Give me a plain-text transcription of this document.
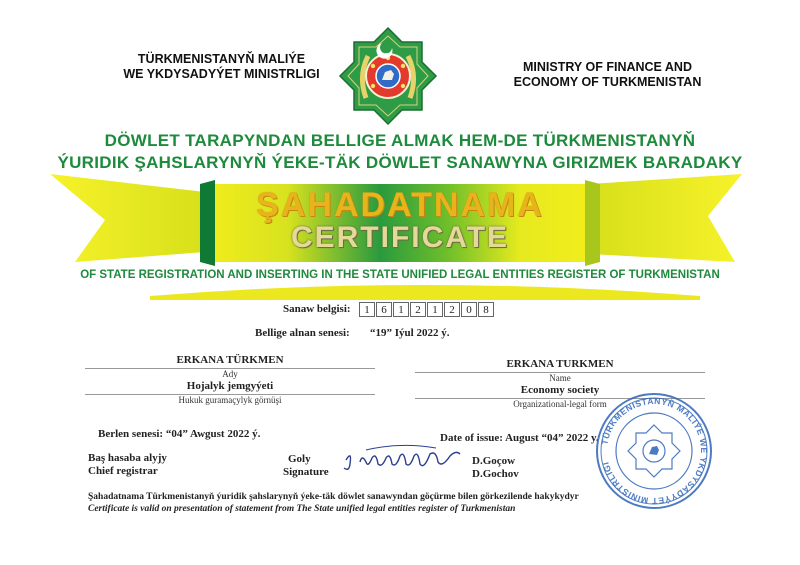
TÜRKMENISTANYŇ MALIÝE
WE YKDYSADYÝET MINISTRLIGI	MINISTRY OF FINANCE AND
ECONOMY OF TURKMENISTAN
DÖWLET TARAPYNDAN BELLIGE ALMAK HEM-DE TÜRKMENISTANYŇ
ÝURIDIK ŞAHSLARYNYŇ ÝEKE-TÄK DÖWLET SANAWYNA GIRIZMEK BARADAKY
ŞAHADATNAMA
CERTIFICATE
OF STATE REGISTRATION AND INSERTING IN THE STATE UNIFIED LEGAL ENTITIES REGISTER OF TURKMENISTAN
Sanaw belgisi:	1	6	1	2	1	2	0	8
Bellige alnan senesi: “19” Iýul 2022 ý.
ERKANA TÜRKMEN
Ady
ERKANA TURKMEN
Name
Hojalyk jemgyýeti
Hukuk guramaçylyk görnüşi
Economy society
Organizational-legal form
Berlen senesi: “04” Awgust 2022 ý.	Date of issue: August “04” 2022 y.
Baş hasaba alyjy
Chief registrar
Goly
Signature
D.Goçow
D.Gochov
TÜRKMENISTANYŇ MALIÝE WE YKDYSADYÝET MINISTRLIGI
Şahadatnama Türkmenistanyň ýuridik şahslarynyň ýeke-täk döwlet sanawyndan göçürme bilen görkezilende hakykydyr
Certificate is valid on presentation of statement from The State unified legal entities register of Turkmenistan
